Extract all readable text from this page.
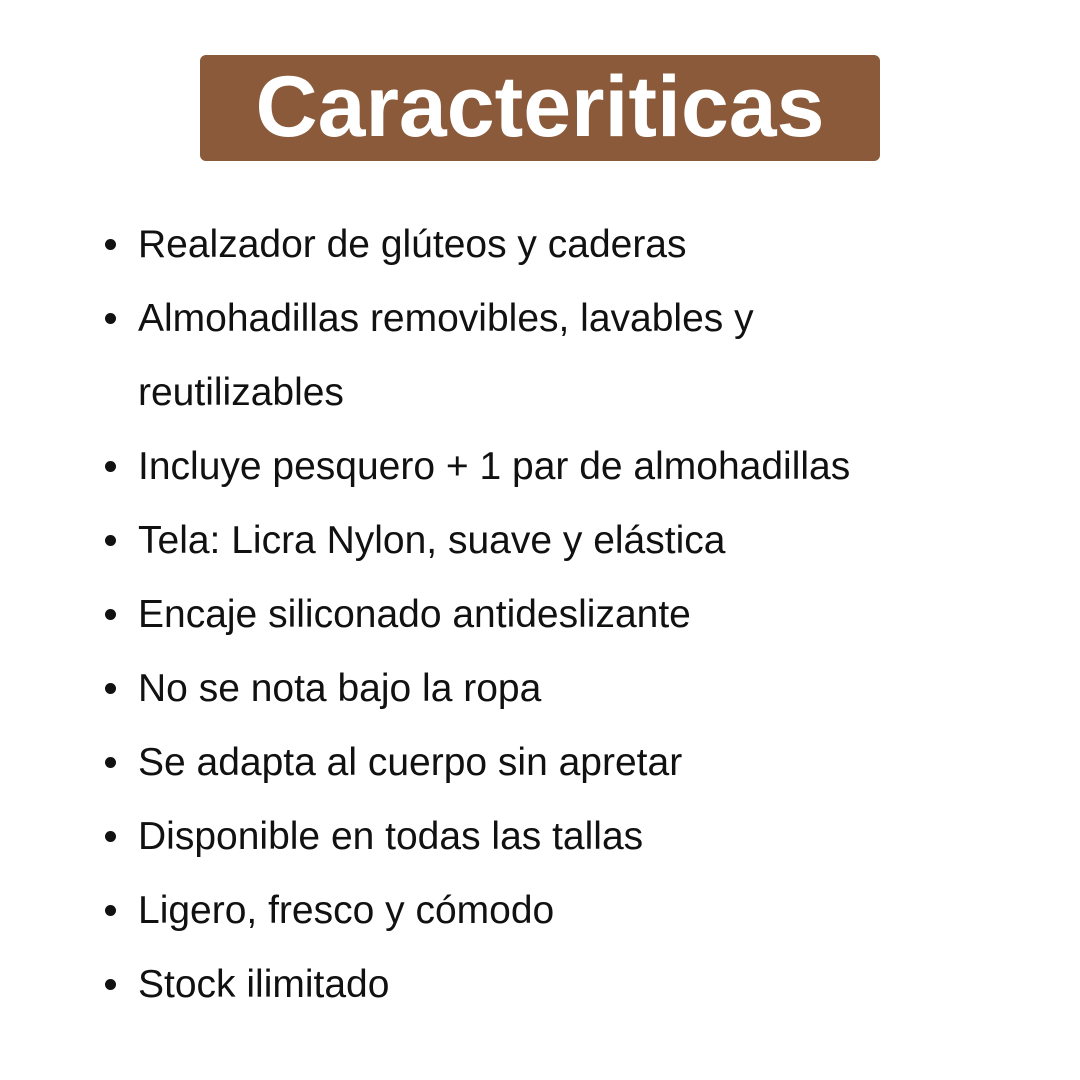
Caracteriticas
Realzador de glúteos y caderas
Almohadillas removibles, lavables y reutilizables
Incluye pesquero + 1 par de almohadillas
Tela: Licra Nylon, suave y elástica
Encaje siliconado antideslizante
No se nota bajo la ropa
Se adapta al cuerpo sin apretar
Disponible en todas las tallas
Ligero, fresco y cómodo
Stock ilimitado
